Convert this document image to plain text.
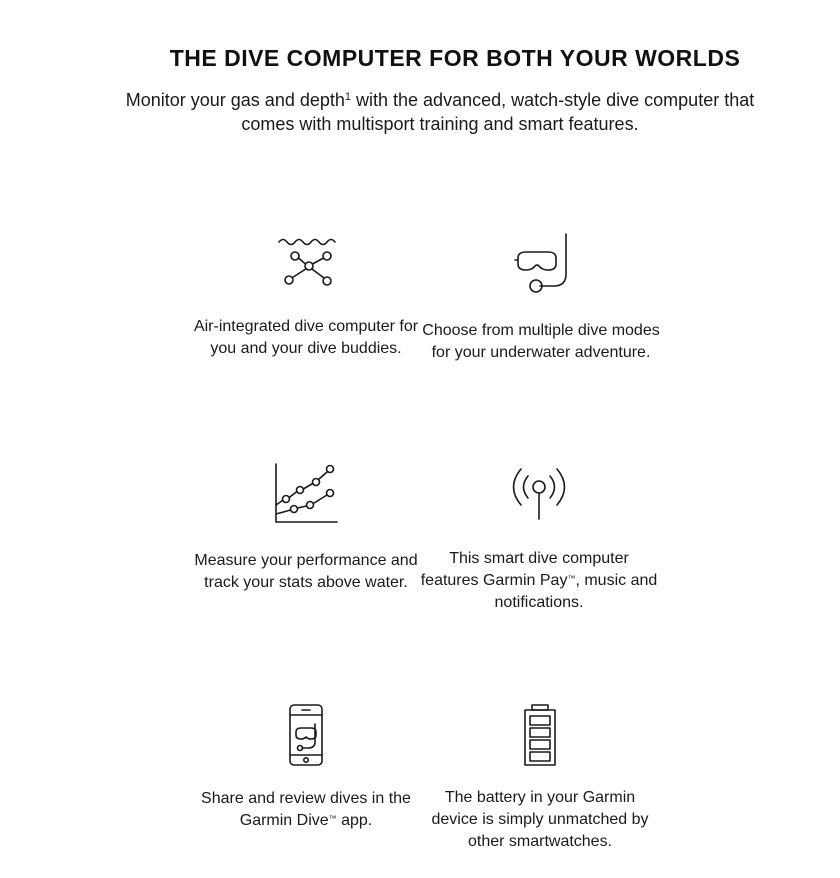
THE DIVE COMPUTER FOR BOTH YOUR WORLDS

Monitor your gas and depth$^1$ with the advanced, watch-style dive computer that comes with multisport training and smart features.

Air-integrated dive computer for you and your dive buddies.

Choose from multiple dive modes for your underwater adventure.

Measure your performance and track your stats above water.

This smart dive computer features Garmin Pay™, music and notifications.

Share and review dives in the Garmin Dive™ app.

The battery in your Garmin device is simply unmatched by other smartwatches.
